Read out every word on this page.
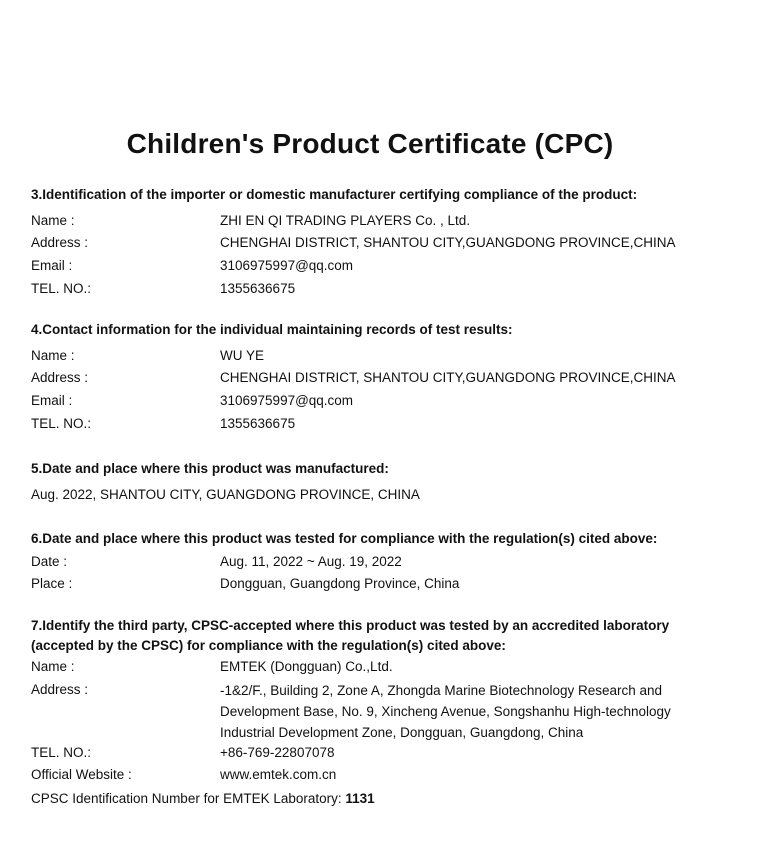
Children's Product Certificate (CPC)
3.Identification of the importer or domestic manufacturer certifying compliance of the product:
Name :	ZHI EN QI TRADING PLAYERS Co. , Ltd.
Address :	CHENGHAI DISTRICT, SHANTOU CITY,GUANGDONG PROVINCE,CHINA
Email :	3106975997@qq.com
TEL. NO.:	1355636675
4.Contact information for the individual maintaining records of test results:
Name :	WU YE
Address :	CHENGHAI DISTRICT, SHANTOU CITY,GUANGDONG PROVINCE,CHINA
Email :	3106975997@qq.com
TEL. NO.:	1355636675
5.Date and place where this product was manufactured:
Aug. 2022, SHANTOU CITY, GUANGDONG PROVINCE, CHINA
6.Date and place where this product was tested for compliance with the regulation(s) cited above:
Date :	Aug. 11, 2022 ~ Aug. 19, 2022
Place :	Dongguan, Guangdong Province, China
7.Identify the third party, CPSC-accepted where this product was tested by an accredited laboratory (accepted by the CPSC) for compliance with the regulation(s) cited above:
Name :	EMTEK (Dongguan) Co.,Ltd.
Address :	-1&2/F., Building 2, Zone A, Zhongda Marine Biotechnology Research and Development Base, No. 9, Xincheng Avenue, Songshanhu High-technology Industrial Development Zone, Dongguan, Guangdong, China
TEL. NO.:	+86-769-22807078
Official Website :	www.emtek.com.cn
CPSC Identification Number for EMTEK Laboratory: 1131
